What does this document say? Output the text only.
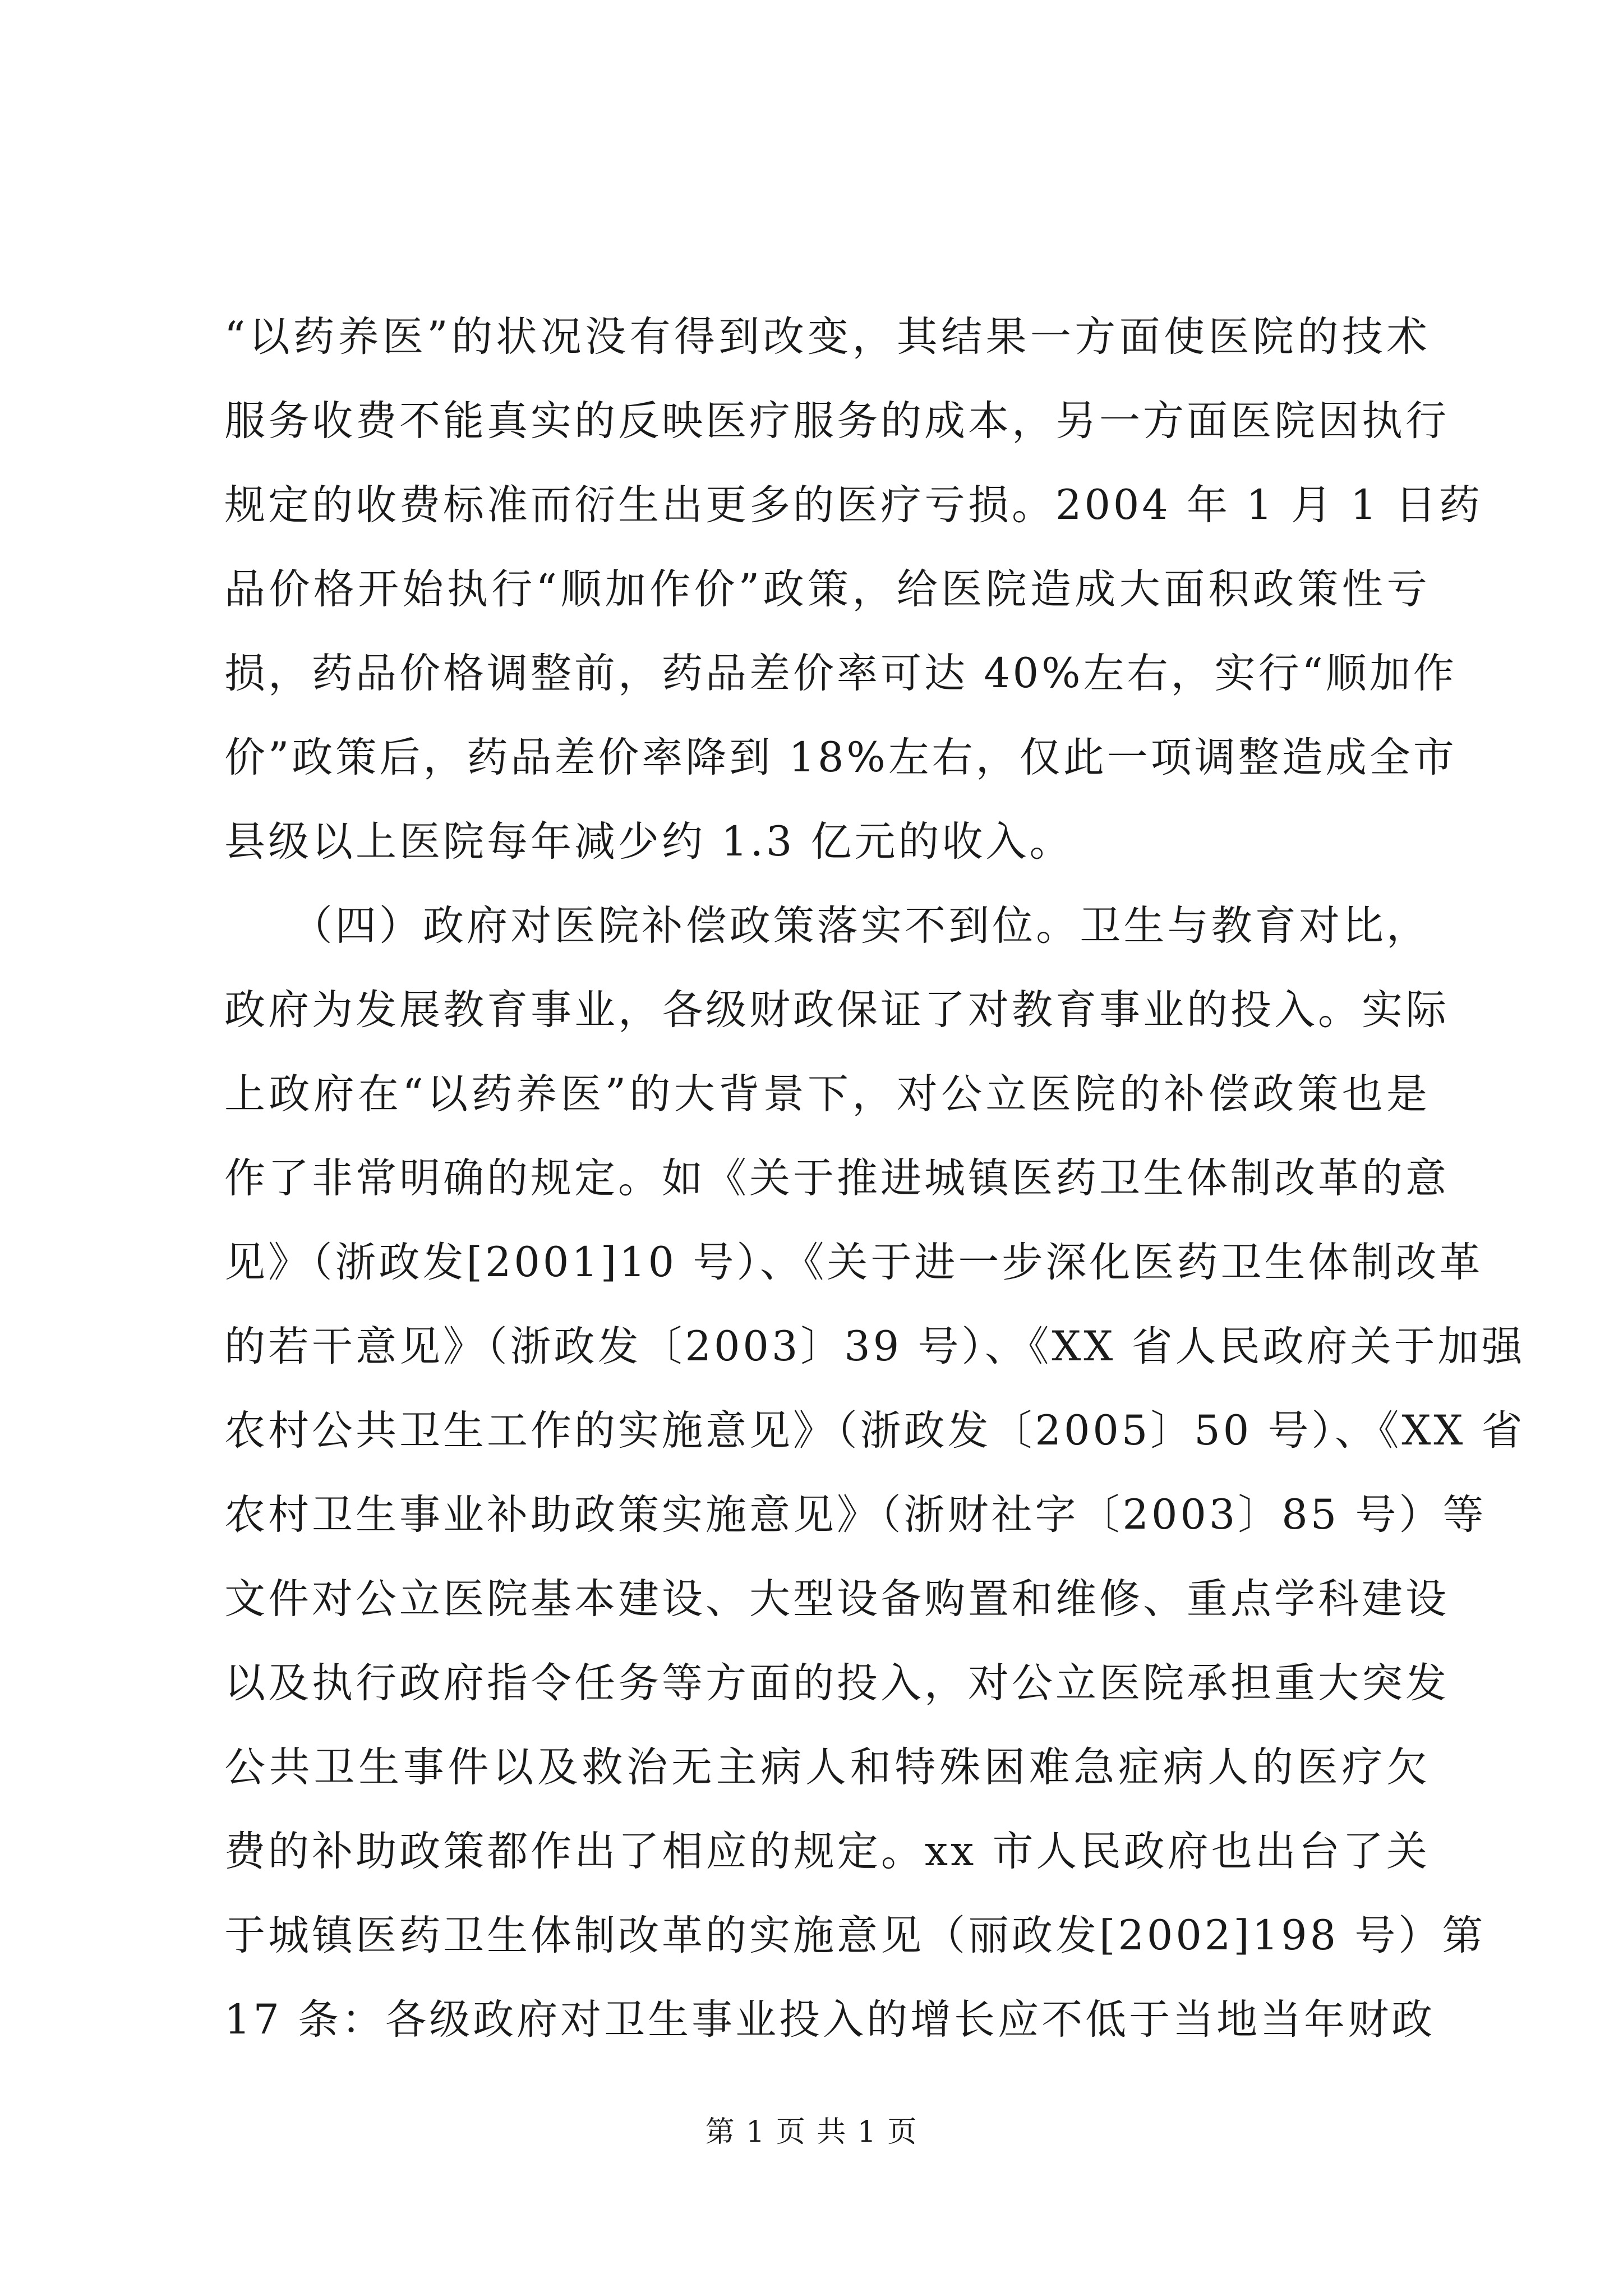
“以药养医”的状况没有得到改变，其结果一方面使医院的技术
服务收费不能真实的反映医疗服务的成本，另一方面医院因执行
规定的收费标准而衍生出更多的医疗亏损。2004 年 1 月 1 日药
品价格开始执行“顺加作价”政策，给医院造成大面积政策性亏
损，药品价格调整前，药品差价率可达 40%左右，实行“顺加作
价”政策后，药品差价率降到 18%左右，仅此一项调整造成全市
县级以上医院每年减少约 1.3 亿元的收入。
　　（四）政府对医院补偿政策落实不到位。卫生与教育对比，
政府为发展教育事业，各级财政保证了对教育事业的投入。实际
上政府在“以药养医”的大背景下，对公立医院的补偿政策也是
作了非常明确的规定。如《关于推进城镇医药卫生体制改革的意
见》（浙政发[2001]10 号）、《关于进一步深化医药卫生体制改革
的若干意见》（浙政发〔2003〕39 号）、《XX 省人民政府关于加强
农村公共卫生工作的实施意见》（浙政发〔2005〕50 号）、《XX 省
农村卫生事业补助政策实施意见》（浙财社字〔2003〕85 号）等
文件对公立医院基本建设、大型设备购置和维修、重点学科建设
以及执行政府指令任务等方面的投入，对公立医院承担重大突发
公共卫生事件以及救治无主病人和特殊困难急症病人的医疗欠
费的补助政策都作出了相应的规定。xx 市人民政府也出台了关
于城镇医药卫生体制改革的实施意见（丽政发[2002]198 号）第
17 条：各级政府对卫生事业投入的增长应不低于当地当年财政
第 1 页 共 1 页
